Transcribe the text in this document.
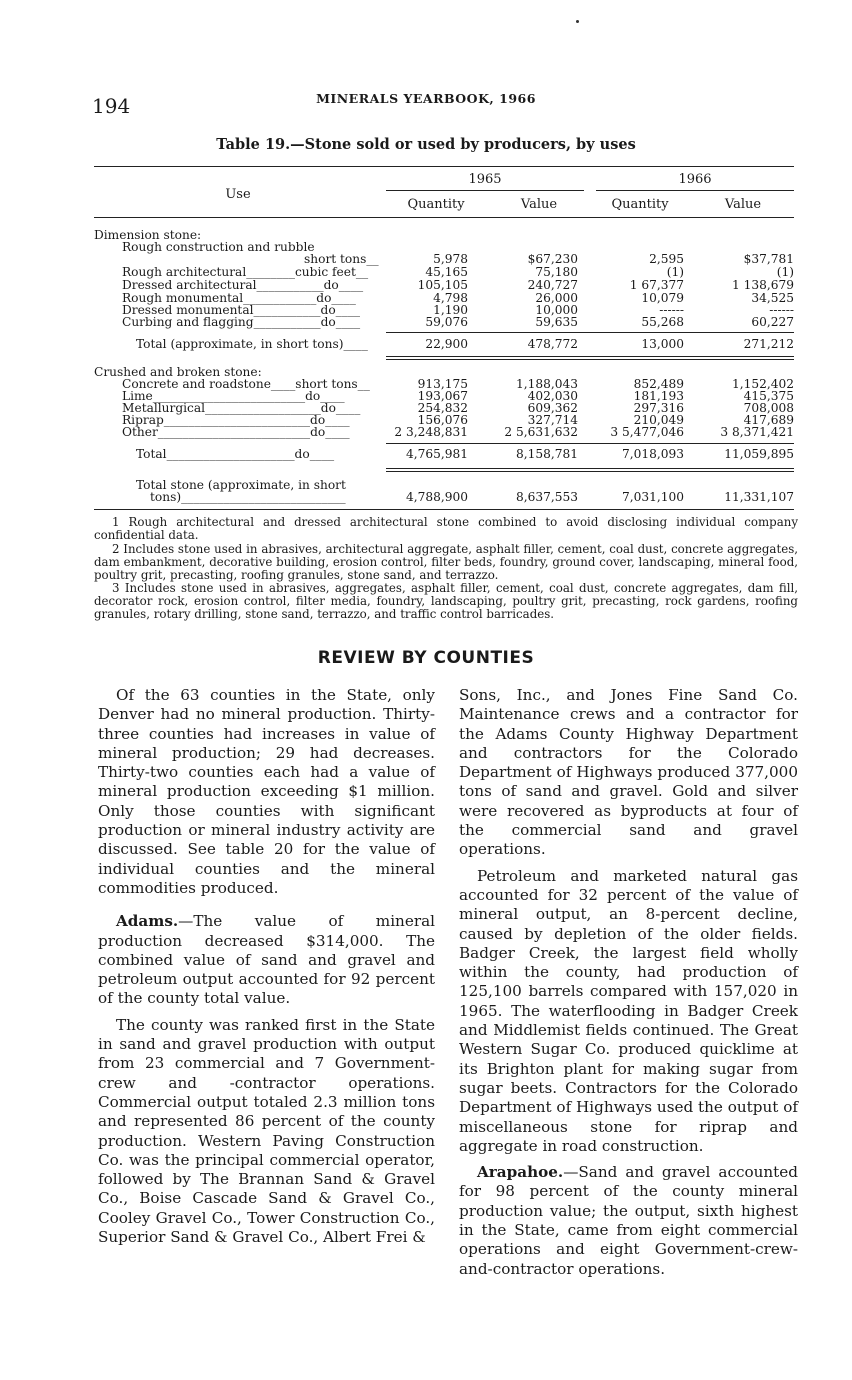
194	MINERALS YEARBOOK, 1966
Table 19.—Stone sold or used by producers, by uses
Use
1965	1966
Quantity	Value	Quantity	Value
Dimension stone:
Rough construction and rubble
short tons__	5,978	$67,230	2,595	$37,781
Rough architectural________cubic feet__	45,165	75,180	(1)	(1)
Dressed architectural___________do____	105,105	240,727	1 67,377	1 138,679
Rough monumental____________do____	4,798	26,000	10,079	34,525
Dressed monumental___________do____	1,190	10,000	------	------
Curbing and flagging___________do____	59,076	59,635	55,268	60,227
Total (approximate, in short tons)____	22,900	478,772	13,000	271,212
Crushed and broken stone:
Concrete and roadstone____short tons__	913,175	1,188,043	852,489	1,152,402
Lime_________________________do____	193,067	402,030	181,193	415,375
Metallurgical___________________do____	254,832	609,362	297,316	708,008
Riprap________________________do____	156,076	327,714	210,049	417,689
Other_________________________do____	2 3,248,831	2 5,631,632	3 5,477,046	3 8,371,421
Total_____________________do____	4,765,981	8,158,781	7,018,093	11,059,895
Total stone (approximate, in short
tons)___________________________	4,788,900	8,637,553	7,031,100	11,331,107
1 Rough architectural and dressed architectural stone combined to avoid disclosing individual company confidential data.
2 Includes stone used in abrasives, architectural aggregate, asphalt filler, cement, coal dust, concrete aggregates, dam embankment, decorative building, erosion control, filter beds, foundry, ground cover, landscaping, mineral food, poultry grit, precasting, roofing granules, stone sand, and terrazzo.
3 Includes stone used in abrasives, aggregates, asphalt filler, cement, coal dust, concrete aggregates, dam fill, decorator rock, erosion control, filter media, foundry, landscaping, poultry grit, precasting, rock gardens, roofing granules, rotary drilling, stone sand, terrazzo, and traffic control barricades.
REVIEW BY COUNTIES

Of the 63 counties in the State, only Denver had no mineral production. Thirty-three counties had increases in value of mineral production; 29 had decreases. Thirty-two counties each had a value of mineral production exceeding $1 million. Only those counties with significant production or mineral industry activity are discussed. See table 20 for the value of individual counties and the mineral commodities produced.

Adams.—The value of mineral production decreased $314,000. The combined value of sand and gravel and petroleum output accounted for 92 percent of the county total value.

The county was ranked first in the State in sand and gravel production with output from 23 commercial and 7 Government-crew and -contractor operations. Commercial output totaled 2.3 million tons and represented 86 percent of the county production. Western Paving Construction Co. was the principal commercial operator, followed by The Brannan Sand & Gravel Co., Boise Cascade Sand & Gravel Co., Cooley Gravel Co., Tower Construction Co., Superior Sand & Gravel Co., Albert Frei &

Sons, Inc., and Jones Fine Sand Co. Maintenance crews and a contractor for the Adams County Highway Department and contractors for the Colorado Department of Highways produced 377,000 tons of sand and gravel. Gold and silver were recovered as byproducts at four of the commercial sand and gravel operations.

Petroleum and marketed natural gas accounted for 32 percent of the value of mineral output, an 8-percent decline, caused by depletion of the older fields. Badger Creek, the largest field wholly within the county, had production of 125,100 barrels compared with 157,020 in 1965. The waterflooding in Badger Creek and Middlemist fields continued. The Great Western Sugar Co. produced quicklime at its Brighton plant for making sugar from sugar beets. Contractors for the Colorado Department of Highways used the output of miscellaneous stone for riprap and aggregate in road construction.

Arapahoe.—Sand and gravel accounted for 98 percent of the county mineral production value; the output, sixth highest in the State, came from eight commercial operations and eight Government-crew-and-contractor operations.
